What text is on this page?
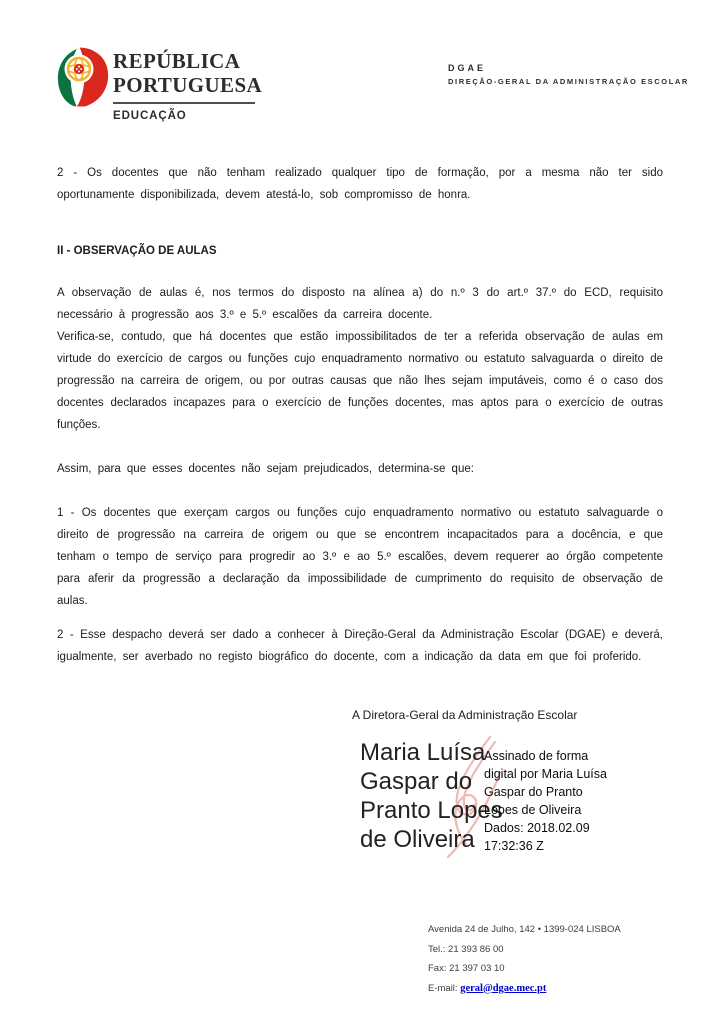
REPÚBLICA
PORTUGUESA
EDUCAÇÃO
DGAE
DIREÇÃO-GERAL DA ADMINISTRAÇÃO ESCOLAR

2 - Os docentes que não tenham realizado qualquer tipo de formação, por a mesma não ter sido oportunamente disponibilizada, devem atestá-lo, sob compromisso de honra.

II - OBSERVAÇÃO DE AULAS

A observação de aulas é, nos termos do disposto na alínea a) do n.º 3 do art.º 37.º do ECD, requisito necessário à progressão aos 3.º e 5.º escalões da carreira docente.

Verifica-se, contudo, que há docentes que estão impossibilitados de ter a referida observação de aulas em virtude do exercício de cargos ou funções cujo enquadramento normativo ou estatuto salvaguarda o direito de progressão na carreira de origem, ou por outras causas que não lhes sejam imputáveis, como é o caso dos docentes declarados incapazes para o exercício de funções docentes, mas aptos para o exercício de outras funções.

Assim, para que esses docentes não sejam prejudicados, determina-se que:

1 - Os docentes que exerçam cargos ou funções cujo enquadramento normativo ou estatuto salvaguarde o direito de progressão na carreira de origem ou que se encontrem incapacitados para a docência, e que tenham o tempo de serviço para progredir ao 3.º e ao 5.º escalões, devem requerer ao órgão competente para aferir da progressão a declaração da impossibilidade de cumprimento do requisito de observação de aulas.

2 - Esse despacho deverá ser dado a conhecer à Direção-Geral da Administração Escolar (DGAE) e deverá, igualmente, ser averbado no registo biográfico do docente, com a indicação da data em que foi proferido.

A Diretora-Geral da Administração Escolar
Maria Luísa
Gaspar do
Pranto Lopes
de Oliveira
Assinado de forma
digital por Maria Luísa
Gaspar do Pranto
Lopes de Oliveira
Dados: 2018.02.09
17:32:36 Z
Avenida 24 de Julho, 142 • 1399-024 LISBOA
Tel.: 21 393 86 00
Fax: 21 397 03 10
E-mail: geral@dgae.mec.pt
